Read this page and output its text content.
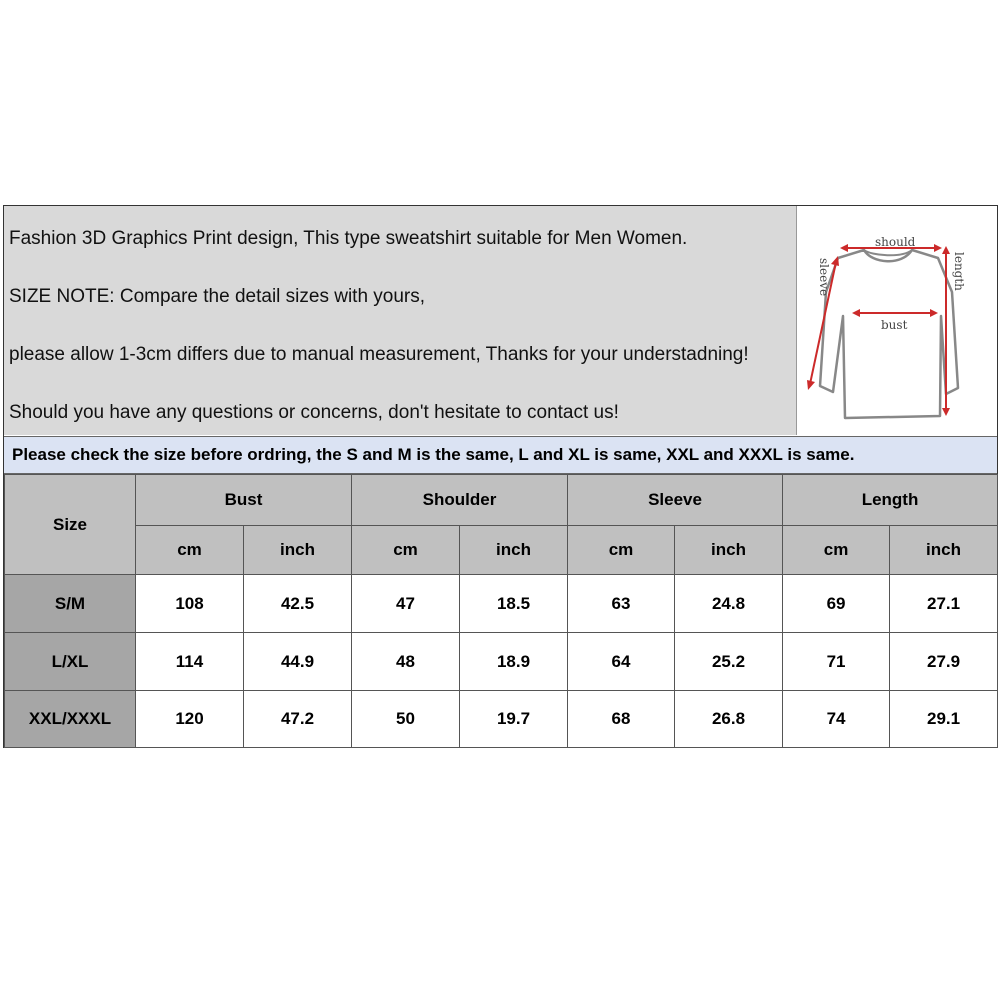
Fashion 3D Graphics Print design, This type sweatshirt suitable for Men Women.
SIZE NOTE: Compare the detail sizes with yours,
please allow 1-3cm differs due to manual measurement, Thanks for your understadning!
Should you have any questions or concerns, don't hesitate to contact us!
should
bust
length
sleeve
Please check the size before ordring, the S and M is the same, L and XL is same, XXL and XXXL is same.
Size	Bust		Shoulder		Sleeve		Length	
	cm	inch	cm	inch	cm	inch	cm	inch
S/M	108	42.5	47	18.5	63	24.8	69	27.1
L/XL	114	44.9	48	18.9	64	25.2	71	27.9
XXL/XXXL	120	47.2	50	19.7	68	26.8	74	29.1
